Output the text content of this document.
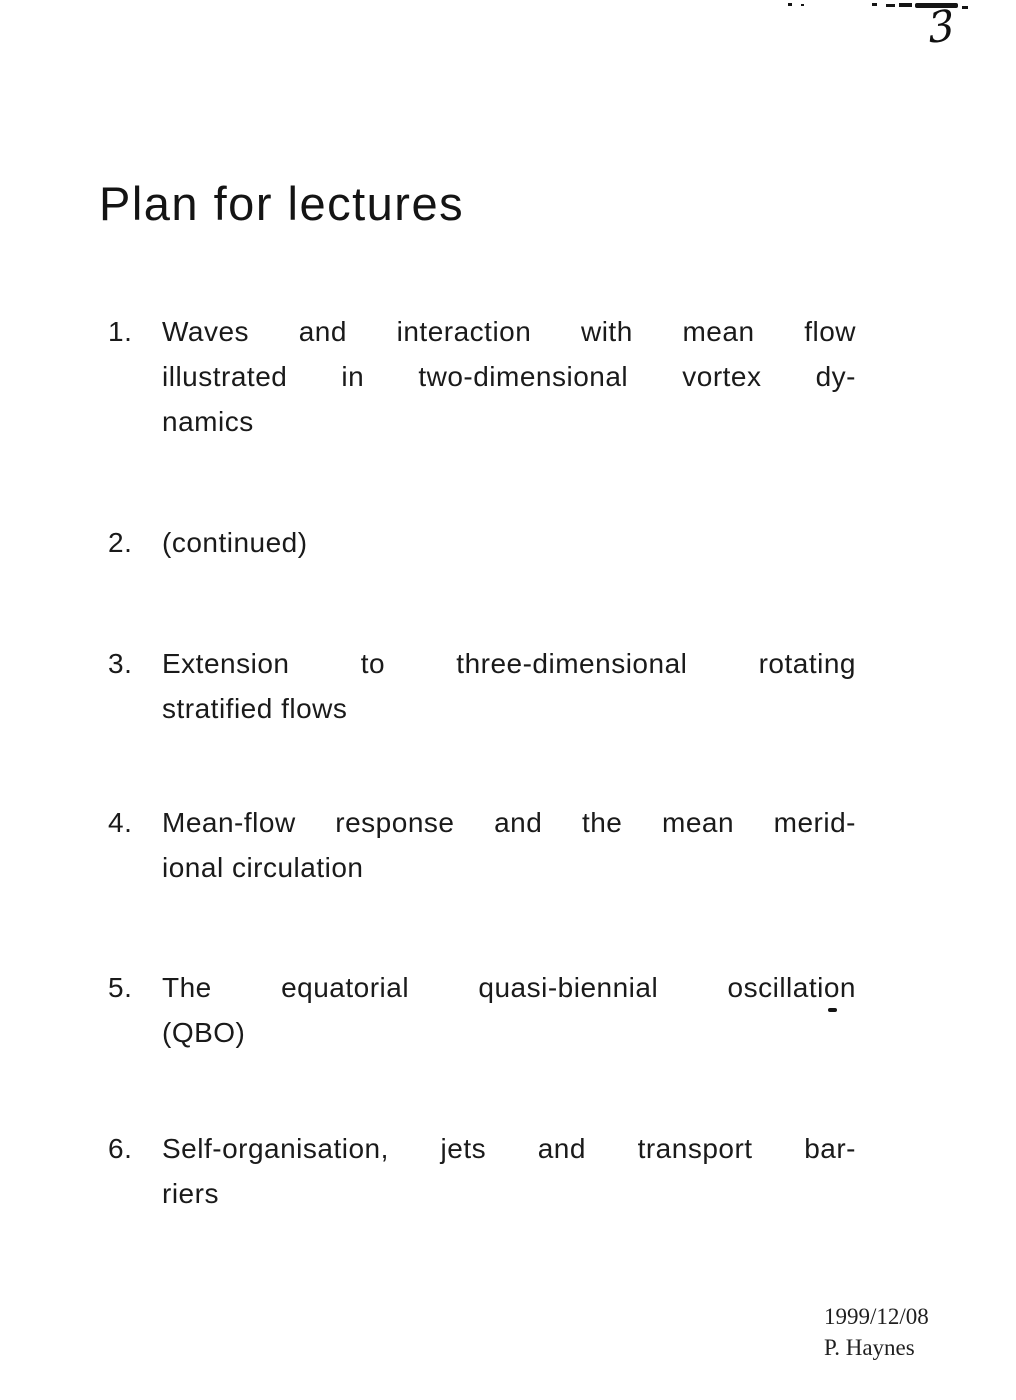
3
Plan for lectures
1. Waves and interaction with mean flow
illustrated in two-dimensional vortex dy-
namics
2. (continued)
3. Extension to three-dimensional rotating
stratified flows
4. Mean-flow response and the mean merid-
ional circulation
5. The equatorial quasi-biennial oscillation
(QBO)
6. Self-organisation, jets and transport bar-
riers
1999/12/08
P. Haynes
